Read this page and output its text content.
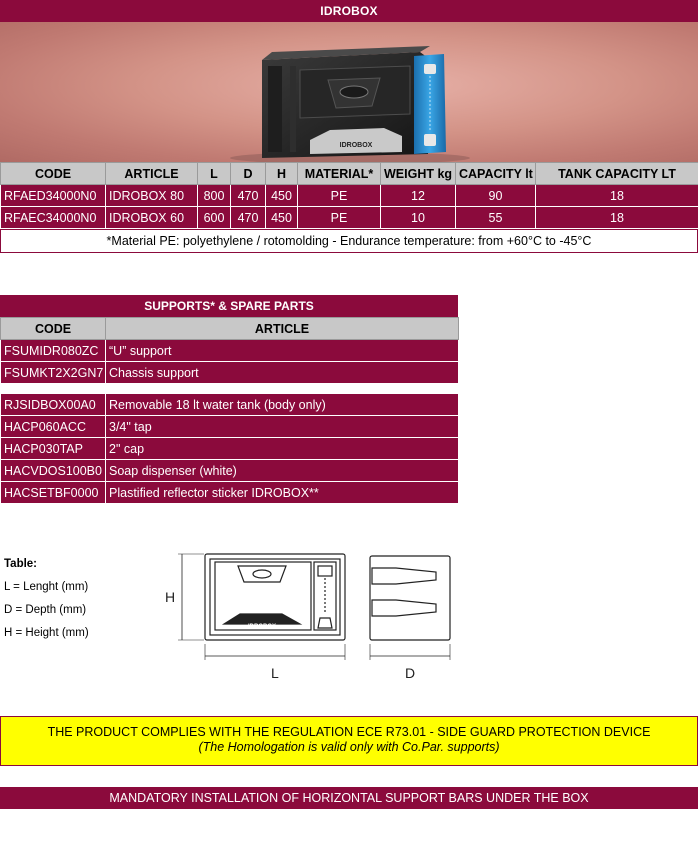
IDROBOX
IDROBOX
CODE	ARTICLE	L	D	H	MATERIAL*	WEIGHT kg	CAPACITY lt	TANK CAPACITY LT
RFAED34000N0	IDROBOX 80	800	470	450	PE	12	90	18
RFAEC34000N0	IDROBOX 60	600	470	450	PE	10	55	18
*Material PE: polyethylene / rotomolding - Endurance temperature: from +60°C to -45°C
SUPPORTS* & SPARE PARTS
CODE	ARTICLE
FSUMIDR080ZC	“U” support
FSUMKT2X2GN7	Chassis support

RJSIDBOX00A0	Removable 18 lt water tank (body only)
HACP060ACC	3/4" tap
HACP030TAP	2" cap
HACVDOS100B0	Soap dispenser (white)
HACSETBF0000	Plastified reflector sticker IDROBOX**
Table:
L = Lenght (mm)
D = Depth (mm)
H = Height (mm)	IDROBOX
H
L	D
THE PRODUCT COMPLIES WITH THE REGULATION ECE R73.01 - SIDE GUARD PROTECTION DEVICE
(The Homologation is valid only with Co.Par. supports)
MANDATORY INSTALLATION OF HORIZONTAL SUPPORT BARS UNDER THE BOX
